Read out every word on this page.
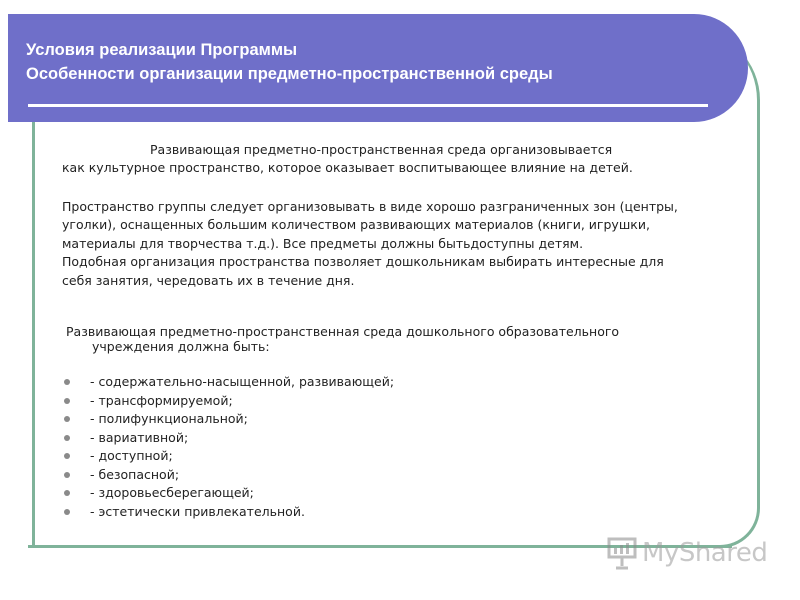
Условия реализации Программы
Особенности организации предметно-пространственной среды

Развивающая предметно-пространственная среда организовывается

как культурное пространство, которое оказывает воспитывающее влияние на детей.

Пространство группы следует организовывать в виде хорошо разграниченных зон (центры,

уголки), оснащенных большим количеством развивающих материалов (книги, игрушки,

материалы для творчества т.д.). Все предметы должны бытьдоступны детям.

Подобная организация пространства позволяет дошкольникам выбирать интересные для

себя занятия, чередовать их в течение дня.

Развивающая предметно-пространственная среда дошкольного образовательного

учреждения должна быть:

- содержательно-насыщенной, развивающей;
- трансформируемой;
- полифункциональной;
- вариативной;
- доступной;
- безопасной;
- здоровьесберегающей;
- эстетически привлекательной.
MyShared
